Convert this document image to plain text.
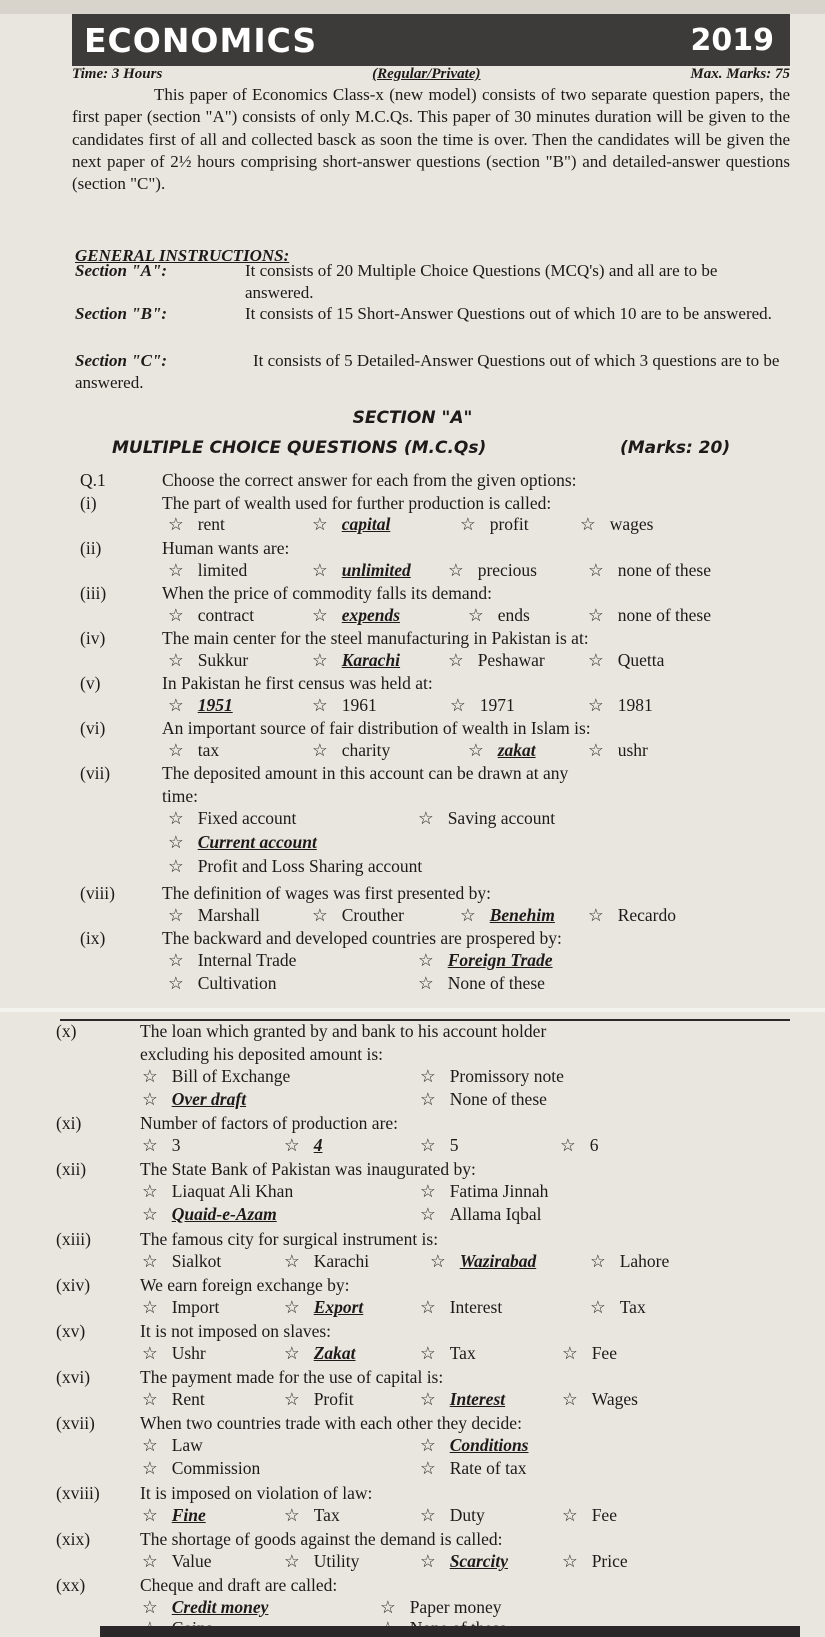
ECONOMICS	2019
Time: 3 Hours	(Regular/Private)	Max. Marks: 75

This paper of Economics Class-x (new model) consists of two separate question papers, the first paper (section "A") consists of only M.C.Qs. This paper of 30 minutes duration will be given to the candidates first of all and collected basck as soon the time is over. Then the candidates will be given the next paper of 2½ hours comprising short-answer questions (section "B") and detailed-answer questions (section "C").

GENERAL INSTRUCTIONS:
Section "A":	It consists of 20 Multiple Choice Questions (MCQ's) and all are to be answered.
Section "B":	It consists of 15 Short-Answer Questions out of which 10 are to be answered.
Section "C":	It consists of 5 Detailed-Answer Questions out of which 3 questions are to be answered.
SECTION "A"
MULTIPLE CHOICE QUESTIONS (M.C.Qs)	(Marks: 20)
Q.1	Choose the correct answer for each from the given options:
(i)	The part of wealth used for further production is called:
☆ rent	☆ capital	☆ profit	☆ wages
(ii)	Human wants are:
☆ limited	☆ unlimited ☆ precious	☆ none of these
(iii)	When the price of commodity falls its demand:
☆ contract	☆ expends	☆ ends	☆ none of these
(iv)	The main center for the steel manufacturing in Pakistan is at:
☆ Sukkur	☆ Karachi	☆ Peshawar ☆ Quetta
(v)	In Pakistan he first census was held at:
☆ 1951	☆ 1961	☆ 1971	☆ 1981
(vi)	An important source of fair distribution of wealth in Islam is:
☆ tax	☆ charity	☆ zakat	☆ ushr
(vii)	The deposited amount in this account can be drawn at any
time:
☆ Fixed account	☆ Saving account
☆ Current account
☆ Profit and Loss Sharing account
(viii)	The definition of wages was first presented by:
☆ Marshall	☆ Crouther	☆ Benehim ☆ Recardo
(ix)	The backward and developed countries are prospered by:
☆ Internal Trade	☆ Foreign Trade
☆ Cultivation	☆ None of these
(x)	The loan which granted by and bank to his account holder
excluding his deposited amount is:
☆ Bill of Exchange	☆ Promissory note
☆ Over draft	☆ None of these
(xi)	Number of factors of production are:
☆ 3	☆ 4	☆ 5	☆ 6
(xii)	The State Bank of Pakistan was inaugurated by:
☆ Liaquat Ali Khan	☆ Fatima Jinnah
☆ Quaid-e-Azam	☆ Allama Iqbal
(xiii)	The famous city for surgical instrument is:
☆ Sialkot	☆ Karachi	☆ Wazirabad	☆ Lahore
(xiv)	We earn foreign exchange by:
☆ Import	☆ Export	☆ Interest	☆ Tax
(xv)	It is not imposed on slaves:
☆ Ushr	☆ Zakat	☆ Tax	☆ Fee
(xvi)	The payment made for the use of capital is:
☆ Rent	☆ Profit	☆ Interest	☆ Wages
(xvii)	When two countries trade with each other they decide:
☆ Law	☆ Conditions
☆ Commission	☆ Rate of tax
(xviii) It is imposed on violation of law:
☆ Fine	☆ Tax	☆ Duty	☆ Fee
(xix)	The shortage of goods against the demand is called:
☆ Value	☆ Utility	☆ Scarcity	☆ Price
(xx)	Cheque and draft are called:
☆ Credit money	☆ Paper money
